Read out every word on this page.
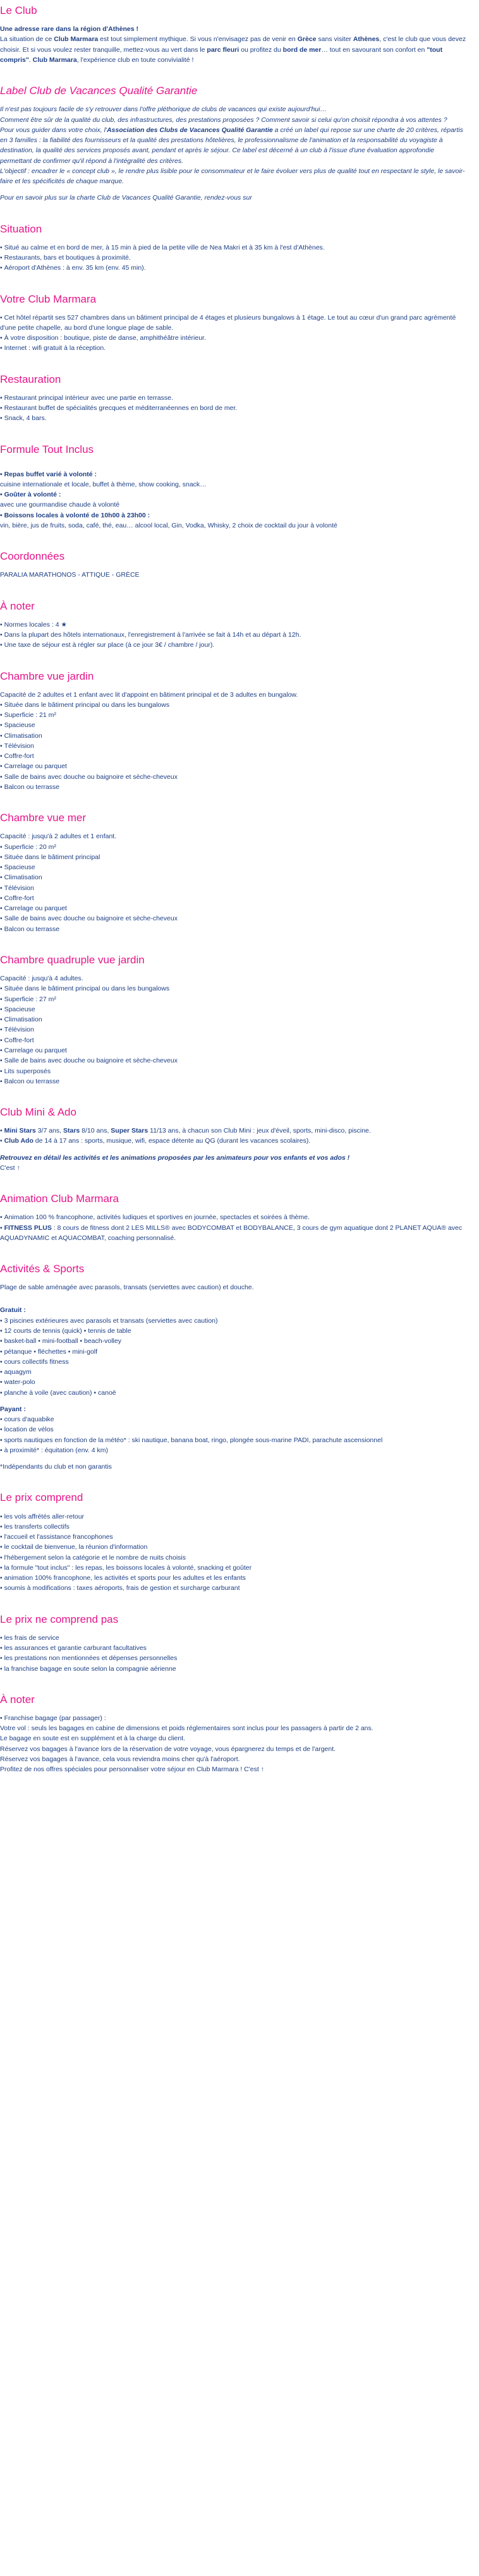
Le Club

Une adresse rare dans la région d'Athènes !

La situation de ce Club Marmara est tout simplement mythique. Si vous n'envisagez pas de venir en Grèce sans visiter Athènes, c'est le club que vous devez choisir. Et si vous voulez rester tranquille, mettez-vous au vert dans le parc fleuri ou profitez du bord de mer… tout en savourant son confort en "tout compris". Club Marmara, l'expérience club en toute convivialité !

Label Club de Vacances Qualité Garantie

Il n'est pas toujours facile de s'y retrouver dans l'offre pléthorique de clubs de vacances qui existe aujourd'hui…

Comment être sûr de la qualité du club, des infrastructures, des prestations proposées ? Comment savoir si celui qu'on choisit répondra à vos attentes ?

Pour vous guider dans votre choix, l'Association des Clubs de Vacances Qualité Garantie a créé un label qui repose sur une charte de 20 critères, répartis en 3 familles : la fiabilité des fournisseurs et la qualité des prestations hôtelières, le professionnalisme de l'animation et la responsabilité du voyagiste à destination, la qualité des services proposés avant, pendant et après le séjour. Ce label est décerné à un club à l'issue d'une évaluation approfondie permettant de confirmer qu'il répond à l'intégralité des critères.

L'objectif : encadrer le « concept club », le rendre plus lisible pour le consommateur et le faire évoluer vers plus de qualité tout en respectant le style, le savoir-faire et les spécificités de chaque marque.

Pour en savoir plus sur la charte Club de Vacances Qualité Garantie, rendez-vous sur

Situation
• Situé au calme et en bord de mer, à 15 min à pied de la petite ville de Nea Makri et à 35 km à l'est d'Athènes.
• Restaurants, bars et boutiques à proximité.
• Aéroport d'Athènes : à env. 35 km (env. 45 min).
Votre Club Marmara
• Cet hôtel répartit ses 527 chambres dans un bâtiment principal de 4 étages et plusieurs bungalows à 1 étage. Le tout au cœur d'un grand parc agrémenté d'une petite chapelle, au bord d'une longue plage de sable.
• À votre disposition : boutique, piste de danse, amphithéâtre intérieur.
• Internet : wifi gratuit à la réception.
Restauration
• Restaurant principal intérieur avec une partie en terrasse.
• Restaurant buffet de spécialités grecques et méditerranéennes en bord de mer.
• Snack, 4 bars.
Formule Tout Inclus
• Repas buffet varié à volonté :

cuisine internationale et locale, buffet à thème, show cooking, snack…

• Goûter à volonté :

avec une gourmandise chaude à volonté

• Boissons locales à volonté de 10h00 à 23h00 :

vin, bière, jus de fruits, soda, café, thé, eau… alcool local, Gin, Vodka, Whisky, 2 choix de cocktail du jour à volonté

Coordonnées

PARALIA MARATHONOS - ATTIQUE - GRÈCE

À noter
• Normes locales : 4 ★
• Dans la plupart des hôtels internationaux, l'enregistrement à l'arrivée se fait à 14h et au départ à 12h.
• Une taxe de séjour est à régler sur place (à ce jour 3€ / chambre / jour).
Chambre vue jardin

Capacité de 2 adultes et 1 enfant avec lit d'appoint en bâtiment principal et de 3 adultes en bungalow.

• Située dans le bâtiment principal ou dans les bungalows
• Superficie : 21 m²
• Spacieuse
• Climatisation
• Télévision
• Coffre-fort
• Carrelage ou parquet
• Salle de bains avec douche ou baignoire et sèche-cheveux
• Balcon ou terrasse
Chambre vue mer

Capacité : jusqu'à 2 adultes et 1 enfant.

• Superficie : 20 m²
• Située dans le bâtiment principal
• Spacieuse
• Climatisation
• Télévision
• Coffre-fort
• Carrelage ou parquet
• Salle de bains avec douche ou baignoire et sèche-cheveux
• Balcon ou terrasse
Chambre quadruple vue jardin

Capacité : jusqu'à 4 adultes.

• Située dans le bâtiment principal ou dans les bungalows
• Superficie : 27 m²
• Spacieuse
• Climatisation
• Télévision
• Coffre-fort
• Carrelage ou parquet
• Salle de bains avec douche ou baignoire et sèche-cheveux
• Lits superposés
• Balcon ou terrasse
Club Mini & Ado
• Mini Stars 3/7 ans, Stars 8/10 ans, Super Stars 11/13 ans, à chacun son Club Mini : jeux d'éveil, sports, mini-disco, piscine.
• Club Ado de 14 à 17 ans : sports, musique, wifi, espace détente au QG (durant les vacances scolaires).

Retrouvez en détail les activités et les animations proposées par les animateurs pour vos enfants et vos ados !

C'est ↑

Animation Club Marmara
• Animation 100 % francophone, activités ludiques et sportives en journée, spectacles et soirées à thème.
• FITNESS PLUS : 8 cours de fitness dont 2 LES MILLS® avec BODYCOMBAT et BODYBALANCE, 3 cours de gym aquatique dont 2 PLANET AQUA® avec AQUADYNAMIC et AQUACOMBAT, coaching personnalisé.
Activités & Sports

Plage de sable aménagée avec parasols, transats (serviettes avec caution) et douche.

Gratuit :

• 3 piscines extérieures avec parasols et transats (serviettes avec caution)
• 12 courts de tennis (quick) • tennis de table
• basket-ball • mini-football • beach-volley
• pétanque • fléchettes • mini-golf
• cours collectifs fitness
• aquagym
• water-polo
• planche à voile (avec caution) • canoë

Payant :

• cours d'aquabike
• location de vélos
• sports nautiques en fonction de la météo* : ski nautique, banana boat, ringo, plongée sous-marine PADI, parachute ascensionnel
• à proximité* : équitation (env. 4 km)

*Indépendants du club et non garantis

Le prix comprend
• les vols affrétés aller-retour
• les transferts collectifs
• l'accueil et l'assistance francophones
• le cocktail de bienvenue, la réunion d'information
• l'hébergement selon la catégorie et le nombre de nuits choisis
• la formule "tout inclus" : les repas, les boissons locales à volonté, snacking et goûter
• animation 100% francophone, les activités et sports pour les adultes et les enfants
• soumis à modifications : taxes aéroports, frais de gestion et surcharge carburant
Le prix ne comprend pas
• les frais de service
• les assurances et garantie carburant facultatives
• les prestations non mentionnées et dépenses personnelles
• la franchise bagage en soute selon la compagnie aérienne
À noter
• Franchise bagage (par passager) :

Votre vol : seuls les bagages en cabine de dimensions et poids réglementaires sont inclus pour les passagers à partir de 2 ans.

Le bagage en soute est en supplément et à la charge du client.

Réservez vos bagages à l'avance lors de la réservation de votre voyage, vous épargnerez du temps et de l'argent.

Réservez vos bagages à l'avance, cela vous reviendra moins cher qu'à l'aéroport.

Profitez de nos offres spéciales pour personnaliser votre séjour en Club Marmara ! C'est ↑
